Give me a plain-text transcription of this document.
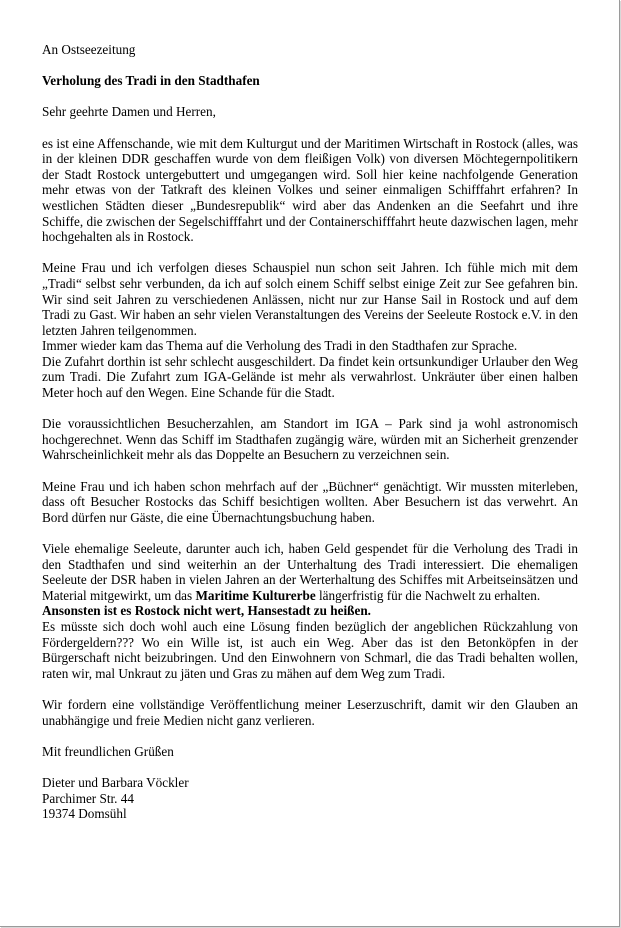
An Ostseezeitung

Verholung des Tradi in den Stadthafen

Sehr geehrte Damen und Herren,

es ist eine Affenschande, wie mit dem Kulturgut und der Maritimen Wirtschaft in Rostock (alles, was in der kleinen DDR geschaffen wurde von dem fleißigen Volk) von diversen Möchtegernpolitikern der Stadt Rostock untergebuttert und umgegangen wird. Soll hier keine nachfolgende Generation mehr etwas von der Tatkraft des kleinen Volkes und seiner einmaligen Schifffahrt erfahren? In westlichen Städten dieser „Bundesrepublik“ wird aber das Andenken an die Seefahrt und ihre Schiffe, die zwischen der Segelschifffahrt und der Containerschifffahrt heute dazwischen lagen, mehr hochgehalten als in Rostock.

Meine Frau und ich verfolgen dieses Schauspiel nun schon seit Jahren. Ich fühle mich mit dem „Tradi“ selbst sehr verbunden, da ich auf solch einem Schiff selbst einige Zeit zur See gefahren bin. Wir sind seit Jahren zu verschiedenen Anlässen, nicht nur zur Hanse Sail in Rostock und auf dem Tradi zu Gast. Wir haben an sehr vielen Veranstaltungen des Vereins der Seeleute Rostock e.V. in den letzten Jahren teilgenommen.

Immer wieder kam das Thema auf die Verholung des Tradi in den Stadthafen zur Sprache.

Die Zufahrt dorthin ist sehr schlecht ausgeschildert. Da findet kein ortsunkundiger Urlauber den Weg zum Tradi. Die Zufahrt zum IGA-Gelände ist mehr als verwahrlost. Unkräuter über einen halben Meter hoch auf den Wegen. Eine Schande für die Stadt.

Die voraussichtlichen Besucherzahlen, am Standort im IGA – Park sind ja wohl astronomisch hochgerechnet. Wenn das Schiff im Stadthafen zugängig wäre, würden mit an Sicherheit grenzender Wahrscheinlichkeit mehr als das Doppelte an Besuchern zu verzeichnen sein.

Meine Frau und ich haben schon mehrfach auf der „Büchner“ genächtigt. Wir mussten miterleben, dass oft Besucher Rostocks das Schiff besichtigen wollten. Aber Besuchern ist das verwehrt. An Bord dürfen nur Gäste, die eine Übernachtungsbuchung haben.

Viele ehemalige Seeleute, darunter auch ich, haben Geld gespendet für die Verholung des Tradi in den Stadthafen und sind weiterhin an der Unterhaltung des Tradi interessiert. Die ehemaligen Seeleute der DSR haben in vielen Jahren an der Werterhaltung des Schiffes mit Arbeitseinsätzen und Material mitgewirkt, um das Maritime Kulturerbe längerfristig für die Nachwelt zu erhalten.

Ansonsten ist es Rostock nicht wert, Hansestadt zu heißen.

Es müsste sich doch wohl auch eine Lösung finden bezüglich der angeblichen Rückzahlung von Fördergeldern??? Wo ein Wille ist, ist auch ein Weg. Aber das ist den Betonköpfen in der Bürgerschaft nicht beizubringen. Und den Einwohnern von Schmarl, die das Tradi behalten wollen, raten wir, mal Unkraut zu jäten und Gras zu mähen auf dem Weg zum Tradi.

Wir fordern eine vollständige Veröffentlichung meiner Leserzuschrift, damit wir den Glauben an unabhängige und freie Medien nicht ganz verlieren.

Mit freundlichen Grüßen

Dieter und Barbara Vöckler

Parchimer Str. 44

19374 Domsühl
